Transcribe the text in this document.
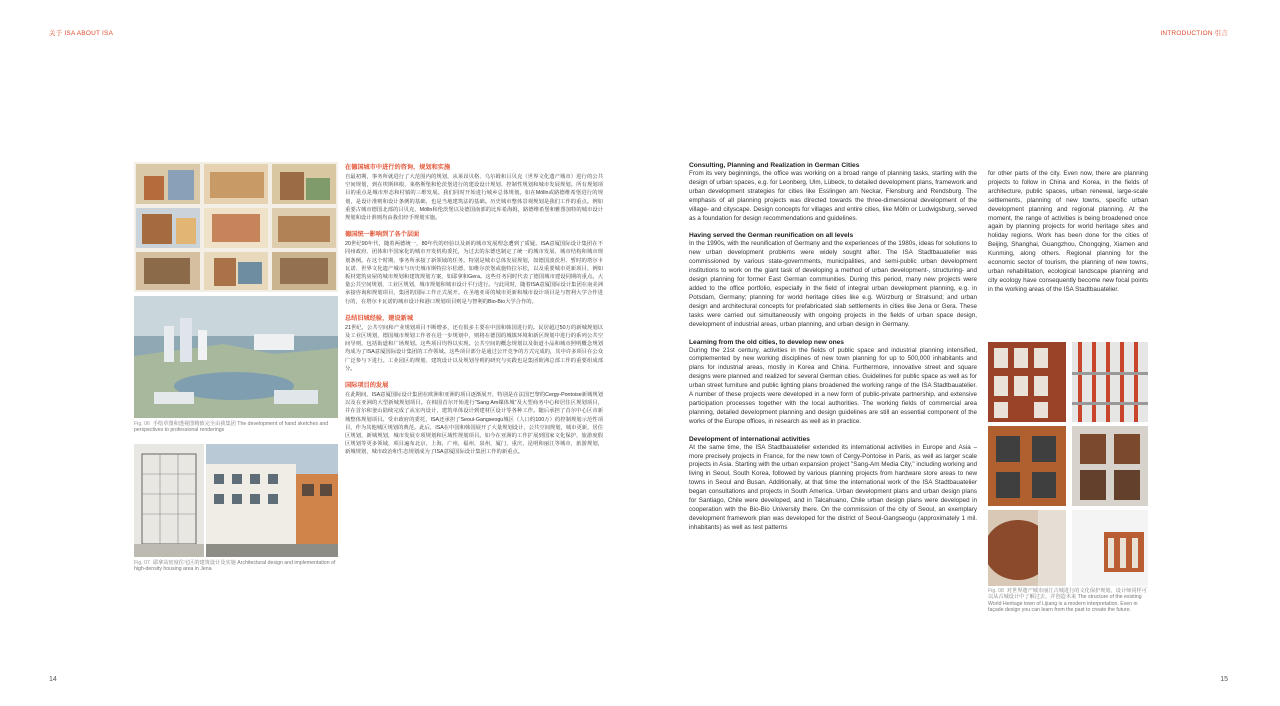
关于 ISA ABOUT ISA	INTRODUCTION 引言
Fig. 06 手绘草图和透视图精致完全由我集团 The development of hand sketches and perspectives to professional renderings
Fig. 07 耶拿高密度住宅区的建筑设计及实施 Architectural design and implementation of high-density housing area in Jena
在德国城市中进行的咨询、规划和实施
自最初期，事务所就进行了大范围内的规划，从莱昂贝格、乌尔姆和吕贝克（世界文化遗产城市）进行的公共空间规划，到在埃斯林根、莱格斯堡和伦茨堡进行的建设设计规划、控制性规划和城市发展规划。所有规划项目的重点是城市形态和村镇的三维发展。我们同时开始进行城乡总体规划。如在Mölln或路德维希堡进行的规划，是设计准则和设计条例的基础，也是当地建筑法的基础。历史城市整体景观规划是我们工作的重点。例如重要古城市德国北部的吕贝克、Mölln和伦茨堡以及德国南部的比库希海姆，路德维希堡和雅图加特的城市设计规划和设计准则均由我们经手规划实施。
德国统一影响到了各个层面
20世纪90年代，随着两德统一，80年代的经验以及新的城市发展理念遭到了质疑。ISA意厦国际设计集团在不同州政府、团体和半国家化的城市开发机构委托，为过去的东德也制定了统一的城市发展、城市结构和城市规划条例。在这个时期，事务所承接了新领域的任务。特别是城市总体发展规划，如德国波茨坦、暂时的塔尔卡瓦诺、世界文化遗产城市与历史城市斯特拉尔松德，如维尔茨堡或施特拉尔松，以及重要城市更新项目，例如板材建筑房屋的城市规划和建筑规划方案，如耶拿和Gera。这些任务同时代表了德国城市建设同期的重点。大量公共空间规划，工业区规划，城市规划和城市设计平行进行。与此同时，随着ISA意厦国际设计集团在南美洲承接咨询和规划项目，集团的国际工作正式展开。在圣地亚哥的城市更新和城市设计项目是与智利大学合作进行的，在塔尔卡瓦诺的城市设计和港口规划项目则是与智利的Bio-Bio大学合作的。
总结旧城经验，建设新城
21世纪，公共空间和产业规划项目不断增多，还有很多主要在中国和韩国进行的。民居超过50万的新城规划以及工业区规划，德国城市规划工作者在进一步规划中，则将在德国的城镇环境和新区规划中进行的系列公共空间导则，包括街道和广场规划。这些项目均得以实现。公共空间的概念规划以及街道小品和城市照明概念规划均成为了ISA意厦国际设计集团的工作领域。这些项目部分是通过公开竞争的方式完成的，其中许多项目在公众广泛参与下进行。工业园区的规划、建筑设计以及规划导则的研究与实践也是集团欧洲总部工作的重要组成部分。
国际项目的发展
在此期间，ISA意厦国际设计集团在欧洲和亚洲的项目逐渐展开，特别是在法国巴黎的Cergy-Pontoise新城规划以及在亚洲的大型新城规划项目。在韩国首尔开始进行"Sang Am媒体城"及大型商务中心和居住区规划项目，并在首尔和釜山陆续完成了从室内设计，建筑单体设计到建材区设计等各种工作。随后承担了首尔中心区市新城整体规划项目。受市政府的委托，ISA还承担了Seoul-Gangseogu城区（人口约100万）的控制规划示范性项目，作为其他城区规划的典范。此后，ISA在中国和韩国展开了大量规划设计，公共空间规划，城市更新，居住区规划，新城规划，城市发展专项规划和区域性规划项目。如今在亚洲的工作扩展到国家文化保护，旅游度假区规划等更多领域，项目遍布北京，上海，广州，福州，泉州，厦门，重庆，昆明和丽江等城市，旅游规划，新城规划，城市政治和生态规划成为了ISA意厦国际设计集团工作的新重点。
14
Consulting, Planning and Realization in German Cities
From its very beginnings, the office was working on a broad range of planning tasks, starting with the design of urban spaces, e.g. for Leonberg, Ulm, Lübeck, to detailed development plans, framework and urban development strategies for cities like Esslingen am Neckar, Flensburg and Rendsburg. The emphasis of all planning projects was directed towards the three-dimensional development of the village- and cityscape. Design concepts for villages and entire cities, like Mölln or Ludwigsburg, served as a foundation for design recommendations and guidelines.
Having served the German reunification on all levels
In the 1990s, with the reunification of Germany and the experiences of the 1980s, ideas for solutions to new urban development problems were widely sought after. The ISA Stadtbauatelier was commissioned by various state-governments, municipalities, and semi-public urban development institutions to work on the giant task of developing a method of urban development-, structuring- and design planning for former East German communities. During this period, many new projects were added to the office portfolio, especially in the field of integral urban development planning, e.g. in Potsdam, Germany; planning for world heritage cities like e.g. Würzburg or Stralsund; and urban design and architectural concepts for prefabricated slab settlements in cities like Jena or Gera. These tasks were carried out simultaneously with ongoing projects in the fields of urban space design, development of industrial areas, urban planning, and urban design in Germany.
Learning from the old cities, to develop new ones
During the 21st century, activities in the fields of public space and industrial planning intensified, complemented by new working disciplines of new town planning for up to 500,000 inhabitants and plans for industrial areas, mostly in Korea and China. Furthermore, innovative street and square designs were planned and realized for several German cities. Guidelines for public space as well as for urban street furniture and public lighting plans broadened the working range of the ISA Stadtbauatelier. A number of these projects were developed in a new form of public-private partnership, and extensive participation processes together with the local authorities. The working fields of commercial area planning, detailed development planning and design guidelines are still an essential component of the works of the Europe offices, in research as well as in practice.
Development of international activities
At the same time, the ISA Stadtbauatelier extended its international activities in Europe and Asia – more precisely projects in France, for the new town of Cergy-Pontoise in Paris, as well as larger scale projects in Asia. Starting with the urban expansion project "Sang-Am Media City," including working and living in Seoul, South Korea, followed by various planning projects from hardware store areas to new towns in Seoul and Busan. Additionally, at that time the international work of the ISA Stadtbauatelier began consultations and projects in South America. Urban development plans and urban design plans for Santiago, Chile were developed, and in Talcahuano, Chile urban design plans were developed in cooperation with the Bio-Bio University there. On the commission of the city of Seoul, an exemplary development framework plan was developed for the district of Seoul-Gangseogu (approximately 1 mil. inhabitants) as well as test patterns
for other parts of the city. Even now, there are planning projects to follow in China and Korea, in the fields of architecture, public spaces, urban renewal, large-scale settlements, planning of new towns, specific urban development planning and regional planning. At the moment, the range of activities is being broadened once again by planning projects for world heritage sites and holiday regions. Work has been done for the cities of Beijing, Shanghai, Guangzhou, Chongqing, Xiamen and Kunming, along others. Regional planning for the economic sector of tourism, the planning of new towns, urban rehabilitation, ecological landscape planning and city ecology have consequently become new focal points in the working areas of the ISA Stadtbauatelier.
Fig. 08 对世界遗产城市丽江古城进行的文化保护规划，设计师同样可以从古城设计中了解过去，并创造未来 The structure of the existing World Heritage town of Lijiang is a modern interpretation. Even in façade design you can learn from the past to create the future.
15
